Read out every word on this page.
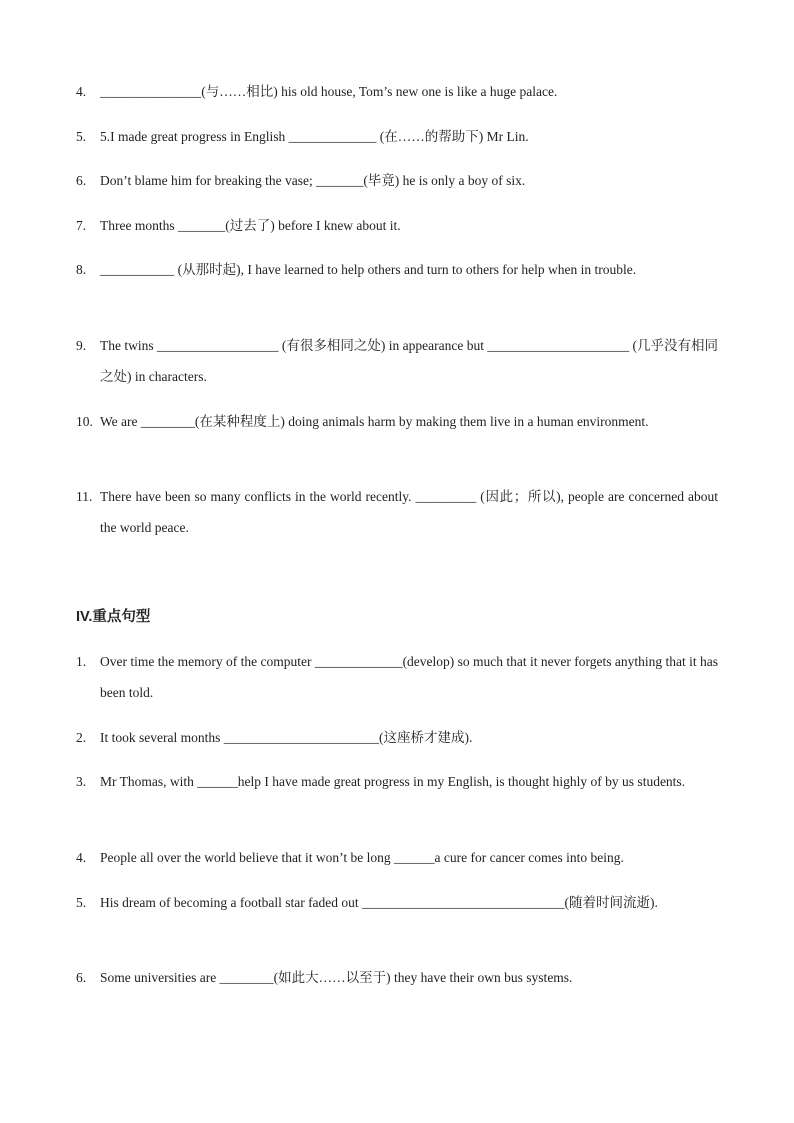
4. _______________(与……相比) his old house, Tom’s new one is like a huge palace.
5. 5.I made great progress in English _____________ (在……的帮助下) Mr Lin.
6. Don’t blame him for breaking the vase; _______(毕竟) he is only a boy of six.
7. Three months _______(过去了) before I knew about it.
8. ___________ (从那时起), I have learned to help others and turn to others for help when in trouble.
9. The twins __________________ (有很多相同之处) in appearance but _____________________ (几乎没有相同之处) in characters.
10. We are ________(在某种程度上) doing animals harm by making them live in a human environment.
11. There have been so many conflicts in the world recently. _________ (因此；所以), people are concerned about the world peace.
IV.重点句型
1. Over time the memory of the computer _____________(develop) so much that it never forgets anything that it has been told.
2. It took several months _______________________(这座桥才建成).
3. Mr Thomas, with ______help I have made great progress in my English, is thought highly of by us students.
4. People all over the world believe that it won’t be long ______a cure for cancer comes into being.
5. His dream of becoming a football star faded out ______________________________(随着时间流逝).
6. Some universities are ________(如此大……以至于) they have their own bus systems.
